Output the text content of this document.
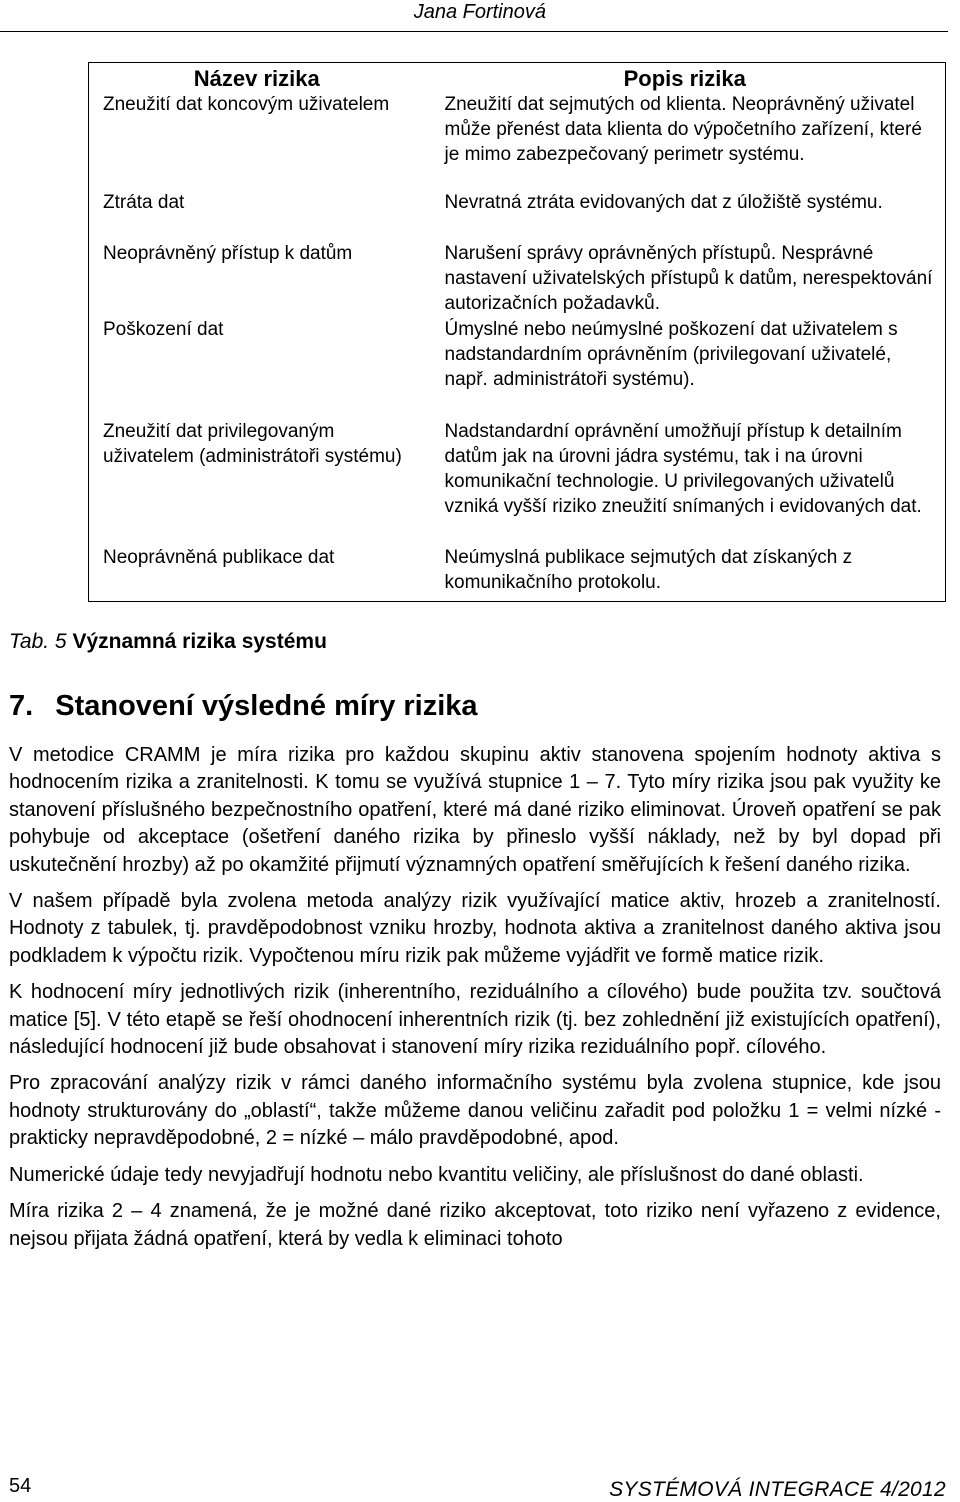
Jana Fortinová
Název rizika	Popis rizika
Zneužití dat koncovým uživatelem	Zneužití dat sejmutých od klienta. Neoprávněný uživatel může přenést data klienta do výpočetního zařízení, které je mimo zabezpečovaný perimetr systému.
Ztráta dat	Nevratná ztráta evidovaných dat z úložiště systému.
Neoprávněný přístup k datům	Narušení správy oprávněných přístupů. Nesprávné nastavení uživatelských přístupů k datům, nerespektování autorizačních požadavků.
Poškození dat	Úmyslné nebo neúmyslné poškození dat uživatelem s nadstandardním oprávněním (privilegovaní uživatelé, např. administrátoři systému).
Zneužití dat privilegovaným uživatelem (administrátoři systému)	Nadstandardní oprávnění umožňují přístup k detailním datům jak na úrovni jádra systému, tak i na úrovni komunikační technologie. U privilegovaných uživatelů vzniká vyšší riziko zneužití snímaných i evidovaných dat.
Neoprávněná publikace dat	Neúmyslná publikace sejmutých dat získaných z komunikačního protokolu.
Tab. 5 Významná rizika systému
7. Stanovení výsledné míry rizika

V metodice CRAMM je míra rizika pro každou skupinu aktiv stanovena spojením hodnoty aktiva s hodnocením rizika a zranitelnosti. K tomu se využívá stupnice 1 – 7. Tyto míry rizika jsou pak využity ke stanovení příslušného bezpečnostního opatření, které má dané riziko eliminovat. Úroveň opatření se pak pohybuje od akceptace (ošetření daného rizika by přineslo vyšší náklady, než by byl dopad při uskutečnění hrozby) až po okamžité přijmutí významných opatření směřujících k řešení daného rizika.

V našem případě byla zvolena metoda analýzy rizik využívající matice aktiv, hrozeb a zranitelností. Hodnoty z tabulek, tj. pravděpodobnost vzniku hrozby, hodnota aktiva a zranitelnost daného aktiva jsou podkladem k výpočtu rizik. Vypočtenou míru rizik pak můžeme vyjádřit ve formě matice rizik.

K hodnocení míry jednotlivých rizik (inherentního, reziduálního a cílového) bude použita tzv. součtová matice [5]. V této etapě se řeší ohodnocení inherentních rizik (tj. bez zohlednění již existujících opatření), následující hodnocení již bude obsahovat i stanovení míry rizika reziduálního popř. cílového.

Pro zpracování analýzy rizik v rámci daného informačního systému byla zvolena stupnice, kde jsou hodnoty strukturovány do „oblastí“, takže můžeme danou veličinu zařadit pod položku 1 = velmi nízké - prakticky nepravděpodobné, 2 = nízké – málo pravděpodobné, apod.

Numerické údaje tedy nevyjadřují hodnotu nebo kvantitu veličiny, ale příslušnost do dané oblasti.

Míra rizika 2 – 4 znamená, že je možné dané riziko akceptovat, toto riziko není vyřazeno z evidence, nejsou přijata žádná opatření, která by vedla k eliminaci tohoto

54	SYSTÉMOVÁ INTEGRACE 4/2012
